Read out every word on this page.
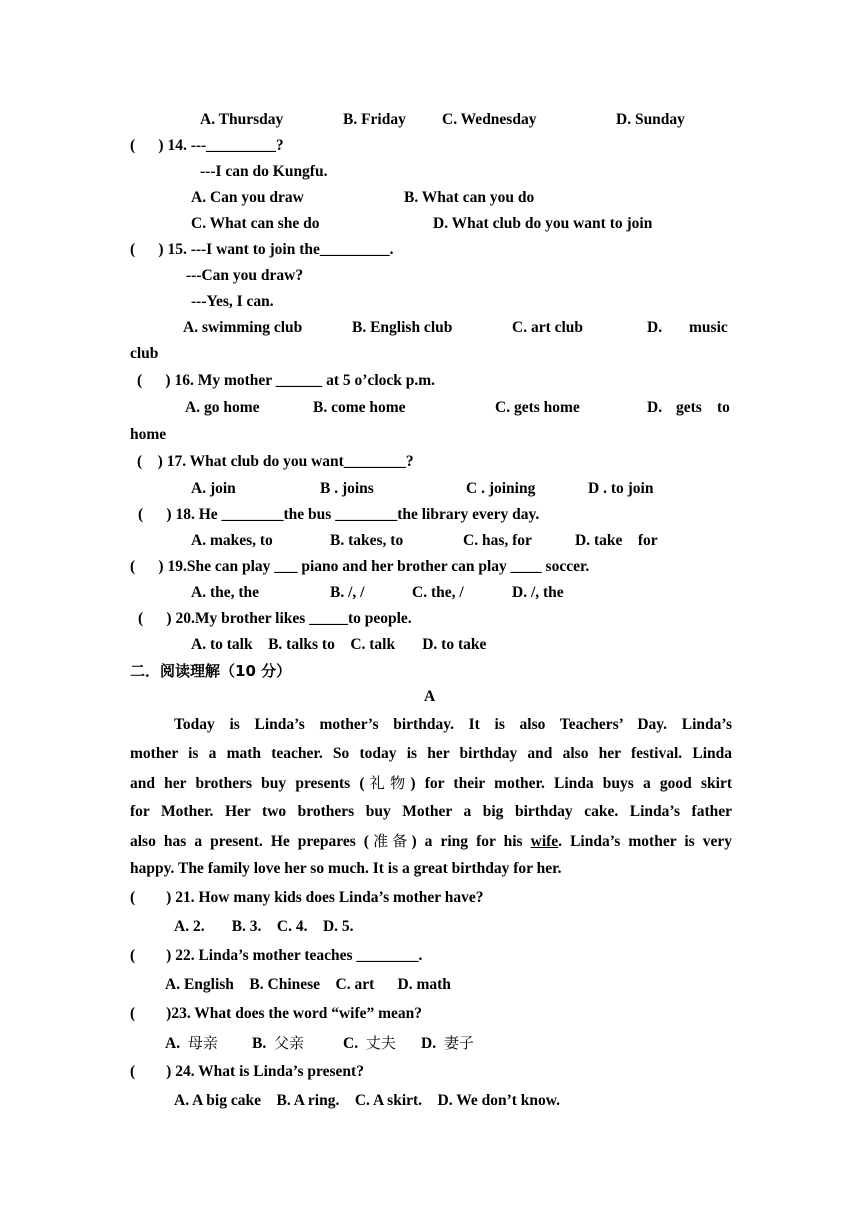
A. Thursday	B. Friday C. Wednesday	D. Sunday
(      ) 14. ---_________?
---I can do Kungfu.
A. Can you draw	B. What can you do
C. What can she do	D. What club do you want to join
(      ) 15. ---I want to join the_________.
---Can you draw?
---Yes, I can.
A. swimming club	B. English club	C. art club	D. music
club
(      ) 16. My mother ______ at 5 o’clock p.m.
A. go home	B. come home	C. gets home	D. gets to
home
(    ) 17. What club do you want________?
A. join	B . joins	C . joining	D . to join
(      ) 18. He ________the bus ________the library every day.
A. makes, to	B. takes, to	C. has, for	D. take    for
(      ) 19.She can play ___ piano and her brother can play ____ soccer.
A. the, the	B. /, /	C. the, /	D. /, the
(      ) 20.My brother likes _____to people.
A. to talk    B. talks to    C. talk       D. to take
二．阅读理解（10 分）
A
Today is Linda’s mother’s birthday. It is also Teachers’ Day. Linda’s
mother is a math teacher. So today is her birthday and also her festival. Linda
and her brothers buy presents (礼物) for their mother. Linda buys a good skirt
for Mother. Her two brothers buy Mother a big birthday cake. Linda’s father
also has a present. He prepares (准备) a ring for his wife. Linda’s mother is very
happy. The family love her so much. It is a great birthday for her.
(        ) 21. How many kids does Linda’s mother have?
A. 2.       B. 3.    C. 4.    D. 5.
(        ) 22. Linda’s mother teaches ________.
A. English    B. Chinese    C. art      D. math
(        )23. What does the word “wife” mean?
A. 母亲 B. 父亲	C. 丈夫 D. 妻子
(        ) 24. What is Linda’s present?
A. A big cake    B. A ring.    C. A skirt.    D. We don’t know.
